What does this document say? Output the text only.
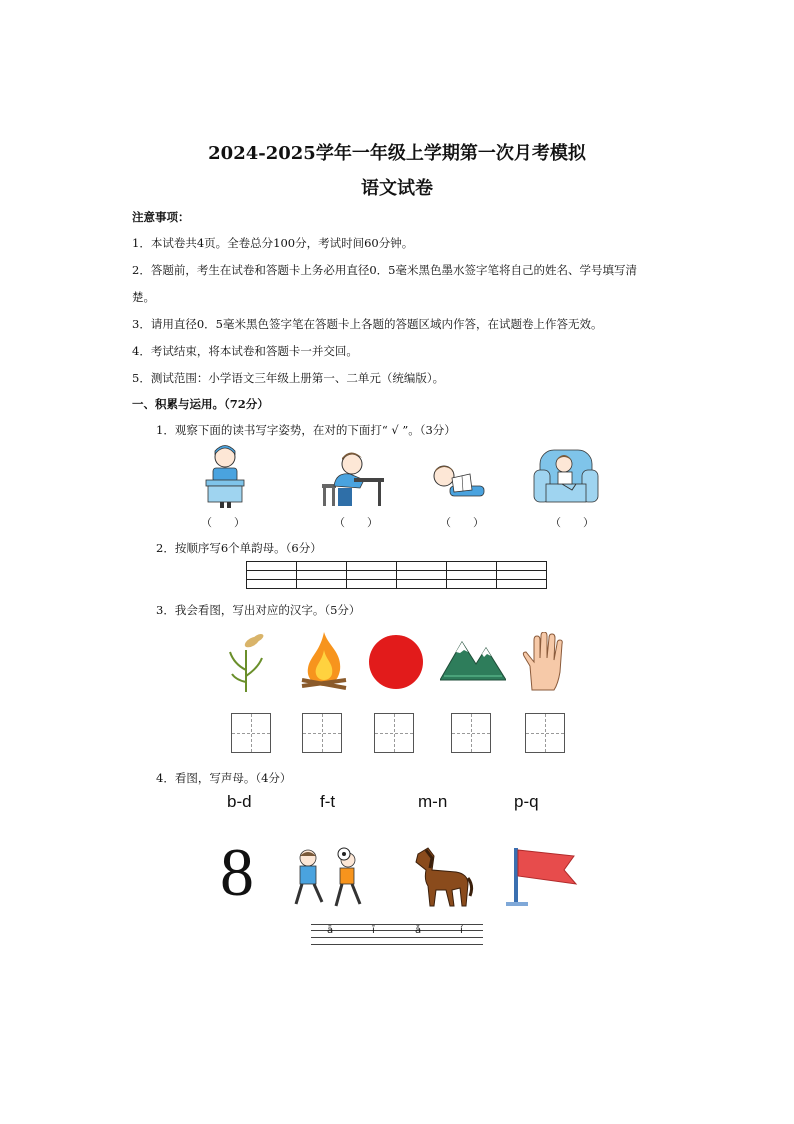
2024-2025学年一年级上学期第一次月考模拟
语文试卷
注意事项：
1．本试卷共4页。全卷总分100分，考试时间60分钟。
2．答题前，考生在试卷和答题卡上务必用直径0．5毫米黑色墨水签字笔将自己的姓名、学号填写清
楚。
3．请用直径0．5毫米黑色签字笔在答题卡上各题的答题区域内作答，在试题卷上作答无效。
4．考试结束，将本试卷和答题卡一并交回。
5．测试范围：小学语文三年级上册第一、二单元（统编版）。
一、积累与运用。（72分）
1．观察下面的读书写字姿势，在对的下面打“ √ ”。（3分）
（　　）	（　　）	（　　）	（　　）
2．按顺序写6个单韵母。（6分）

3．我会看图，写出对应的汉字。（5分）
4．看图，写声母。（4分）
b-d	f-t	m-n	p-q
8
ā	ī	ǎ	í
